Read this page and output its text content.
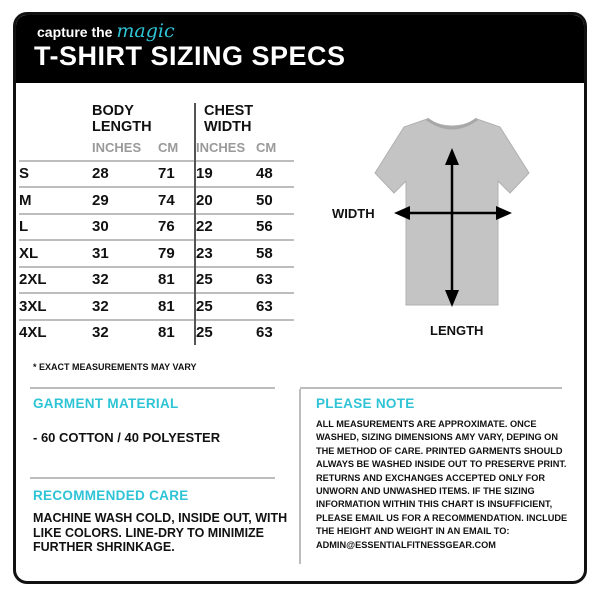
capture the magic
T-SHIRT SIZING SPECS
	BODY LENGTH		CHEST WIDTH	
	INCHES	CM	INCHES	CM
S	28	71	19	48
M	29	74	20	50
L	30	76	22	56
XL	31	79	23	58
2XL	32	81	25	63
3XL	32	81	25	63
4XL	32	81	25	63
WIDTH
LENGTH
* EXACT MEASUREMENTS MAY VARY
GARMENT MATERIAL
- 60 COTTON / 40 POLYESTER
RECOMMENDED CARE
MACHINE WASH COLD, INSIDE OUT, WITH LIKE COLORS. LINE-DRY TO MINIMIZE FURTHER SHRINKAGE.
PLEASE NOTE
ALL MEASUREMENTS ARE APPROXIMATE. ONCE WASHED, SIZING DIMENSIONS AMY VARY, DEPING ON THE METHOD OF CARE. PRINTED GARMENTS SHOULD ALWAYS BE WASHED INSIDE OUT TO PRESERVE PRINT. RETURNS AND EXCHANGES ACCEPTED ONLY FOR UNWORN AND UNWASHED ITEMS. IF THE SIZING INFORMATION WITHIN THIS CHART IS INSUFFICIENT, PLEASE EMAIL US FOR A RECOMMENDATION. INCLUDE THE HEIGHT AND WEIGHT IN AN EMAIL TO: ADMIN@ESSENTIALFITNESSGEAR.COM
